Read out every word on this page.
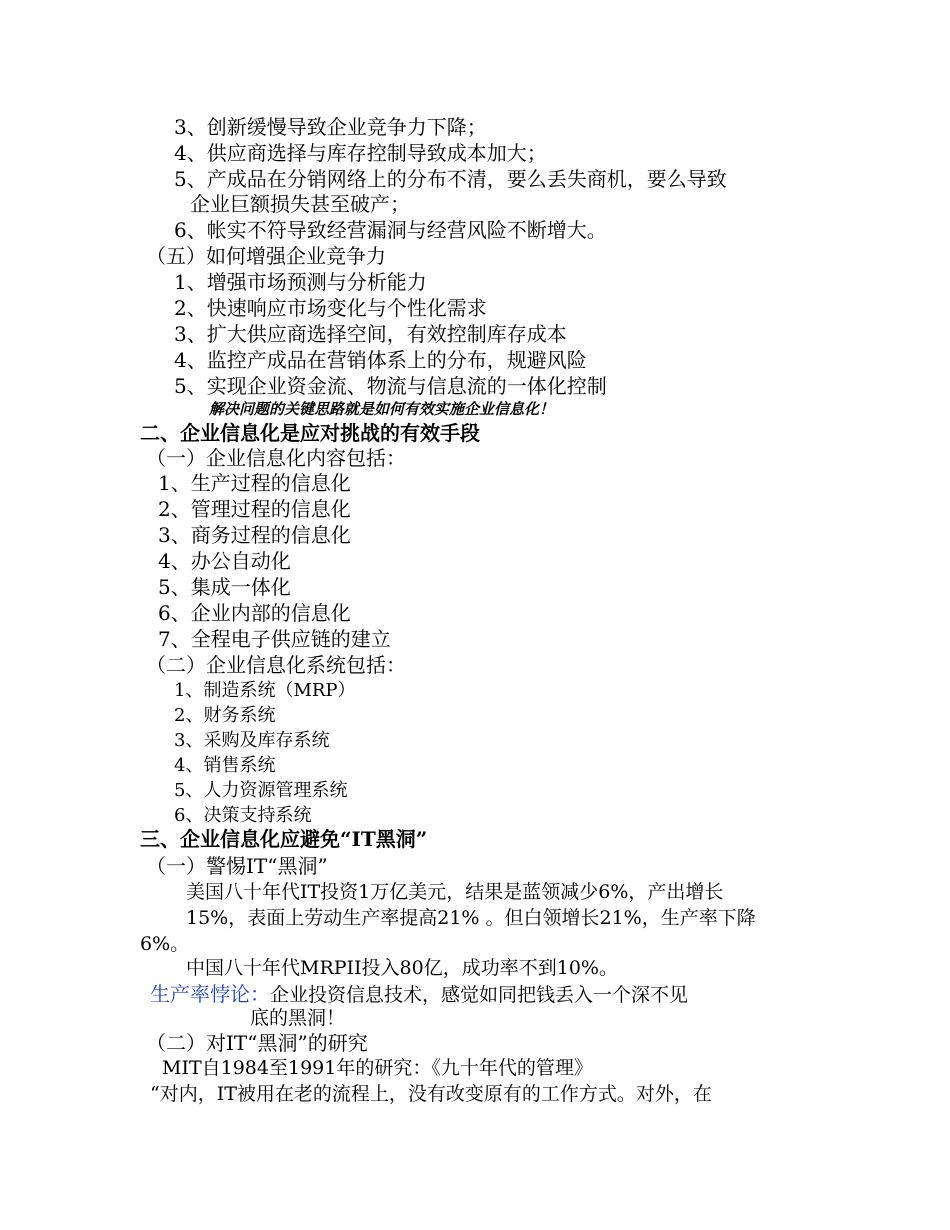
3、创新缓慢导致企业竞争力下降；
4、供应商选择与库存控制导致成本加大；
5、产成品在分销网络上的分布不清，要么丢失商机，要么导致
企业巨额损失甚至破产；
6、帐实不符导致经营漏洞与经营风险不断增大。
（五）如何增强企业竞争力
1、增强市场预测与分析能力
2、快速响应市场变化与个性化需求
3、扩大供应商选择空间，有效控制库存成本
4、监控产成品在营销体系上的分布，规避风险
5、实现企业资金流、物流与信息流的一体化控制
解决问题的关键思路就是如何有效实施企业信息化！
二、企业信息化是应对挑战的有效手段
（一）企业信息化内容包括：
1、生产过程的信息化
2、管理过程的信息化
3、商务过程的信息化
4、办公自动化
5、集成一体化
6、企业内部的信息化
7、全程电子供应链的建立
（二）企业信息化系统包括：
1、制造系统（MRP）
2、财务系统
3、采购及库存系统
4、销售系统
5、人力资源管理系统
6、决策支持系统
三、企业信息化应避免“IT黑洞”
（一）警惕IT“黑洞”
美国八十年代IT投资1万亿美元，结果是蓝领减少6%，产出增长
15%，表面上劳动生产率提高21% 。但白领增长21%，生产率下降
6%。
中国八十年代MRPII投入80亿，成功率不到10%。
生产率悖论：企业投资信息技术，感觉如同把钱丢入一个深不见
底的黑洞！
（二）对IT“黑洞”的研究
MIT自1984至1991年的研究：《九十年代的管理》
“对内，IT被用在老的流程上，没有改变原有的工作方式。对外，在
